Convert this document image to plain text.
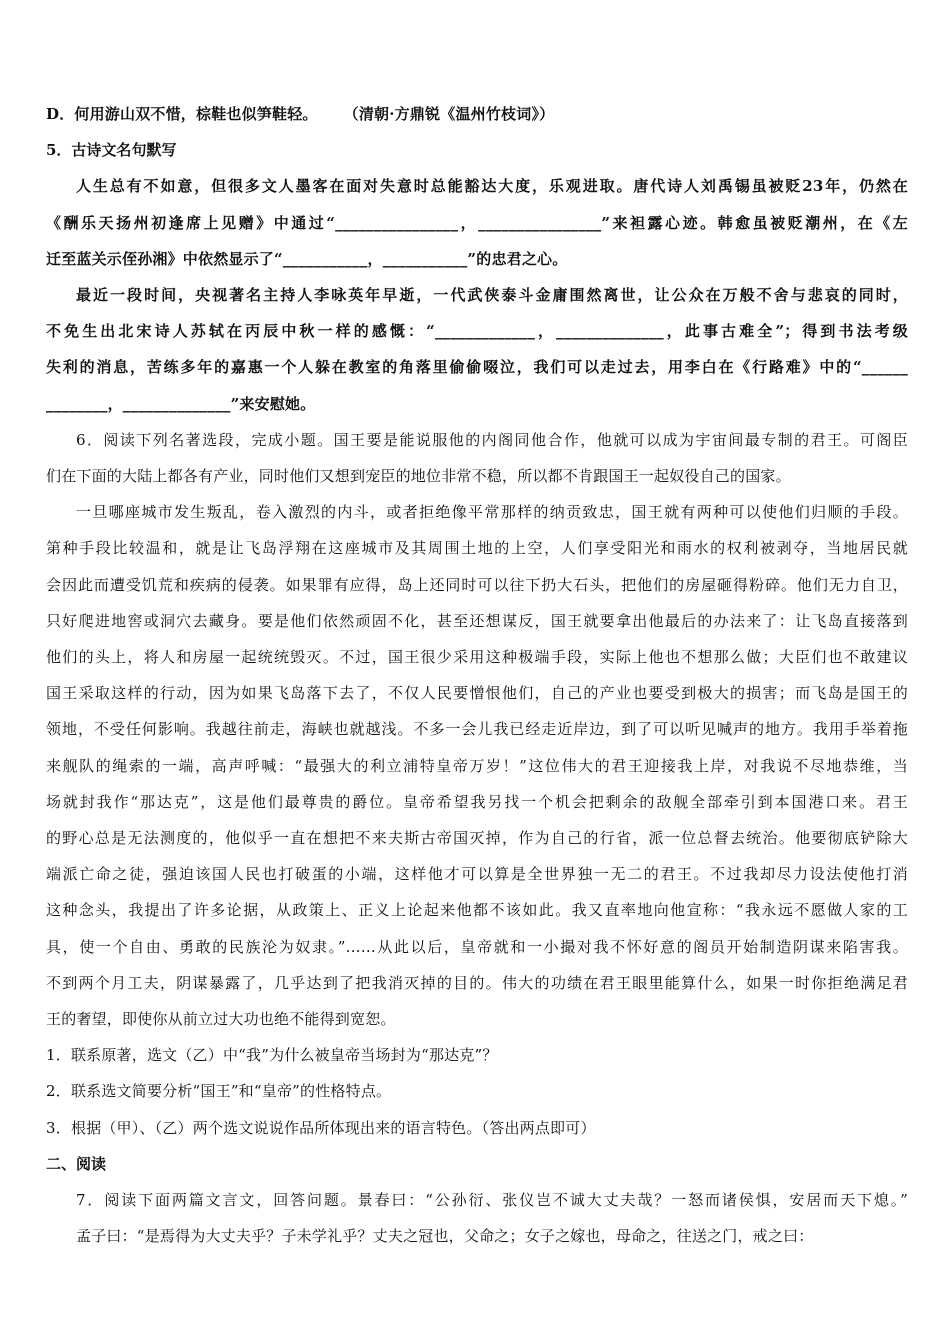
D．何用游山双不惜，棕鞋也似笋鞋轻。 （清朝·方鼎锐《温州竹枝词》）

5．古诗文名句默写

人生总有不如意，但很多文人墨客在面对失意时总能豁达大度，乐观进取。唐代诗人刘禹锡虽被贬23年，仍然在

《酬乐天扬州初逢席上见赠》中通过“________________，________________”来袒露心迹。韩愈虽被贬潮州，在《左

迁至蓝关示侄孙湘》中依然显示了“___________，___________”的忠君之心。

最近一段时间，央视著名主持人李咏英年早逝，一代武侠泰斗金庸围然离世，让公众在万般不舍与悲哀的同时，

不免生出北宋诗人苏轼在丙辰中秋一样的感慨：“_____________，______________，此事古难全”；得到书法考级

失利的消息，苦练多年的嘉惠一个人躲在教室的角落里偷偷啜泣，我们可以走过去，用李白在《行路难》中的“______

________，______________”来安慰她。

6．阅读下列名著选段，完成小题。国王要是能说服他的内阁同他合作，他就可以成为宇宙间最专制的君王。可阁臣

们在下面的大陆上都各有产业，同时他们又想到宠臣的地位非常不稳，所以都不肯跟国王一起奴役自己的国家。

一旦哪座城市发生叛乱，卷入激烈的内斗，或者拒绝像平常那样的纳贡致忠，国王就有两种可以使他们归顺的手段。

第种手段比较温和，就是让飞岛浮翔在这座城市及其周围土地的上空，人们享受阳光和雨水的权利被剥夺，当地居民就

会因此而遭受饥荒和疾病的侵袭。如果罪有应得，岛上还同时可以往下扔大石头，把他们的房屋砸得粉碎。他们无力自卫，

只好爬进地窖或洞穴去藏身。要是他们依然顽固不化，甚至还想谋反，国王就要拿出他最后的办法来了：让飞岛直接落到

他们的头上，将人和房屋一起统统毁灭。不过，国王很少采用这种极端手段，实际上他也不想那么做；大臣们也不敢建议

国王采取这样的行动，因为如果飞岛落下去了，不仅人民要憎恨他们，自己的产业也要受到极大的损害；而飞岛是国王的

领地，不受任何影响。我越往前走，海峡也就越浅。不多一会儿我已经走近岸边，到了可以听见喊声的地方。我用手举着拖

来舰队的绳索的一端，高声呼喊：“最强大的利立浦特皇帝万岁！”这位伟大的君王迎接我上岸，对我说不尽地恭维，当

场就封我作“那达克”，这是他们最尊贵的爵位。皇帝希望我另找一个机会把剩余的敌舰全部牵引到本国港口来。君王

的野心总是无法测度的，他似乎一直在想把不来夫斯古帝国灭掉，作为自己的行省，派一位总督去统治。他要彻底铲除大

端派亡命之徒，强迫该国人民也打破蛋的小端，这样他才可以算是全世界独一无二的君王。不过我却尽力设法使他打消

这种念头，我提出了许多论据，从政策上、正义上论起来他都不该如此。我又直率地向他宣称：“我永远不愿做人家的工

具，使一个自由、勇敢的民族沦为奴隶。”……从此以后，皇帝就和一小撮对我不怀好意的阁员开始制造阴谋来陷害我。

不到两个月工夫，阴谋暴露了，几乎达到了把我消灭掉的目的。伟大的功绩在君王眼里能算什么，如果一时你拒绝满足君

王的奢望，即使你从前立过大功也绝不能得到宽恕。

1．联系原著，选文（乙）中“我”为什么被皇帝当场封为“那达克”？

2．联系选文简要分析“国王”和“皇帝”的性格特点。

3．根据（甲）、（乙）两个选文说说作品所体现出来的语言特色。（答出两点即可）

二、阅读

7．阅读下面两篇文言文，回答问题。景春曰：“公孙衍、张仪岂不诚大丈夫哉？一怒而诸侯惧，安居而天下熄。”

孟子曰：“是焉得为大丈夫乎？子未学礼乎？丈夫之冠也，父命之；女子之嫁也，母命之，往送之门，戒之曰：
